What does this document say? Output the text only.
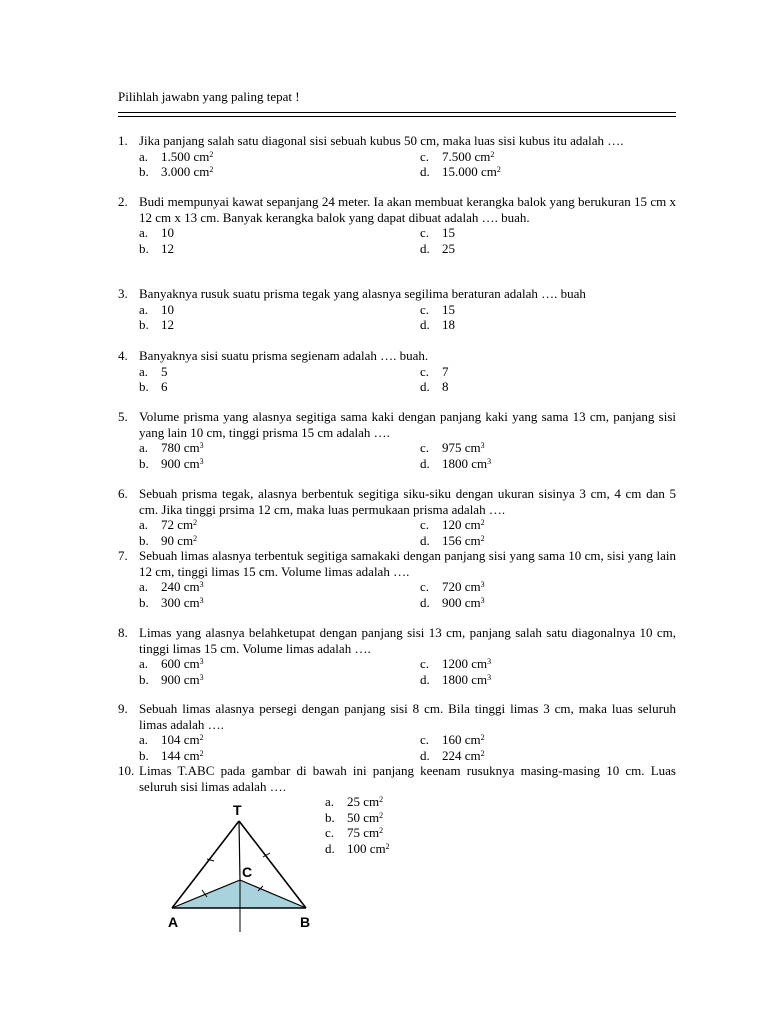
Pilihlah jawabn yang paling tepat !
1. Jika panjang salah satu diagonal sisi sebuah kubus 50 cm, maka luas sisi kubus itu adalah ….
a. 1.500 $cm^2$	c. 7.500 $cm^2$
b. 3.000 $cm^2$	d. 15.000 $cm^2$
2. Budi mempunyai kawat sepanjang 24 meter. Ia akan membuat kerangka balok yang berukuran 15 cm x 12 cm x 13 cm. Banyak kerangka balok yang dapat dibuat adalah …. buah.
a. 10	c. 15
b. 12	d. 25
3. Banyaknya rusuk suatu prisma tegak yang alasnya segilima beraturan adalah …. buah
a. 10	c. 15
b. 12	d. 18
4. Banyaknya sisi suatu prisma segienam adalah …. buah.
a. 5	c. 7
b. 6	d. 8
5. Volume prisma yang alasnya segitiga sama kaki dengan panjang kaki yang sama 13 cm, panjang sisi yang lain 10 cm, tinggi prisma 15 cm adalah ….
a. 780 $cm^3$	c. 975 $cm^3$
b. 900 $cm^3$	d. 1800 $cm^3$
6. Sebuah prisma tegak, alasnya berbentuk segitiga siku-siku dengan ukuran sisinya 3 cm, 4 cm dan 5 cm. Jika tinggi prsima 12 cm, maka luas permukaan prisma adalah ….
a. 72 $cm^2$	c. 120 $cm^2$
b. 90 $cm^2$	d. 156 $cm^2$
7. Sebuah limas alasnya terbentuk segitiga samakaki dengan panjang sisi yang sama 10 cm, sisi yang lain 12 cm, tinggi limas 15 cm. Volume limas adalah ….
a. 240 $cm^3$	c. 720 $cm^3$
b. 300 $cm^3$	d. 900 $cm^3$
8. Limas yang alasnya belahketupat dengan panjang sisi 13 cm, panjang salah satu diagonalnya 10 cm, tinggi limas 15 cm. Volume limas adalah ….
a. 600 $cm^3$	c. 1200 $cm^3$
b. 900 $cm^3$	d. 1800 $cm^3$
9. Sebuah limas alasnya persegi dengan panjang sisi 8 cm. Bila tinggi limas 3 cm, maka luas seluruh limas adalah ….
a. 104 $cm^2$	c. 160 $cm^2$
b. 144 $cm^2$	d. 224 $cm^2$
10. Limas T.ABC pada gambar di bawah ini panjang keenam rusuknya masing-masing 10 cm. Luas seluruh sisi limas adalah ….
a. 25 $cm^2$
b. 50 $cm^2$
c. 75 $cm^2$
d. 100 $cm^2$
T
C
A	B
